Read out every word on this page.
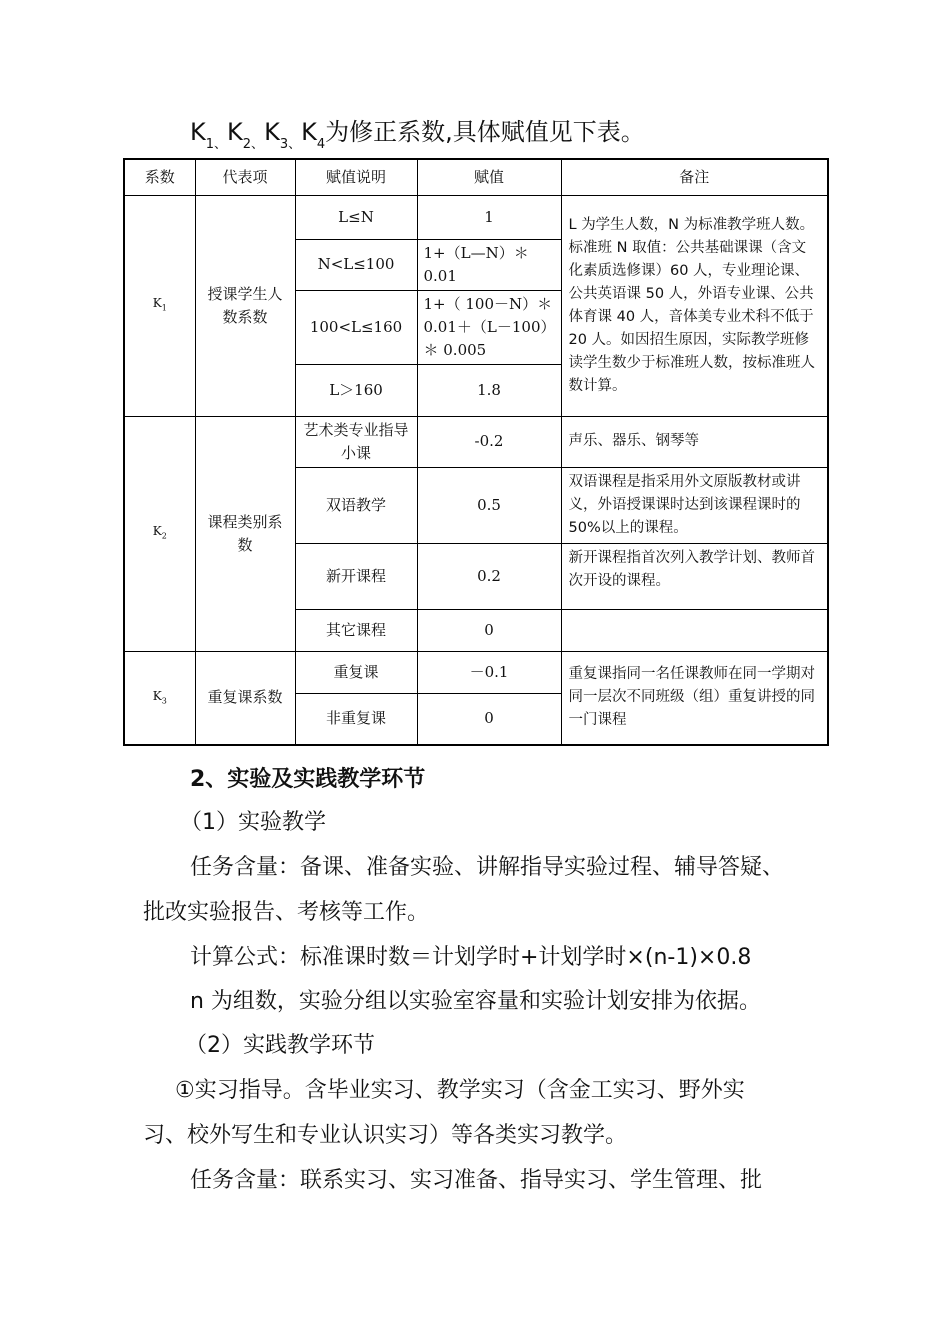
$K_{1、}K_{2、}K_{3、}K_4$为修正系数,具体赋值见下表。
系数	代表项	赋值说明	赋值	备注
$K_1$	授课学生人数系数	L≤N	1	L 为学生人数，N 为标准教学班人数。标准班 N 取值：公共基础课课（含文化素质选修课）60 人，专业理论课、公共英语课 50 人，外语专业课、公共体育课 40 人，音体美专业术科不低于 20 人。如因招生原因，实际教学班修读学生数少于标准班人数，按标准班人数计算。
		N<L≤100	1+（L—N）＊0.01	
		100<L≤160	1+（ 100－N）＊0.01＋（L－100）＊ 0.005	
		L＞160	1.8	
$K_2$	课程类别系数	艺术类专业指导小课	-0.2	声乐、器乐、钢琴等
		双语教学	0.5	双语课程是指采用外文原版教材或讲义，外语授课课时达到该课程课时的 50%以上的课程。
		新开课程	0.2	新开课程指首次列入教学计划、教师首次开设的课程。
		其它课程	0	
$K_3$	重复课系数	重复课	－0.1	重复课指同一名任课教师在同一学期对同一层次不同班级（组）重复讲授的同一门课程
		非重复课	0	
2、实验及实践教学环节
（1）实验教学
任务含量：备课、准备实验、讲解指导实验过程、辅导答疑、
批改实验报告、考核等工作。
计算公式：标准课时数＝计划学时+计划学时×(n-1)×0.8
n 为组数，实验分组以实验室容量和实验计划安排为依据。
（2）实践教学环节
①实习指导。含毕业实习、教学实习（含金工实习、野外实
习、校外写生和专业认识实习）等各类实习教学。
任务含量：联系实习、实习准备、指导实习、学生管理、批
